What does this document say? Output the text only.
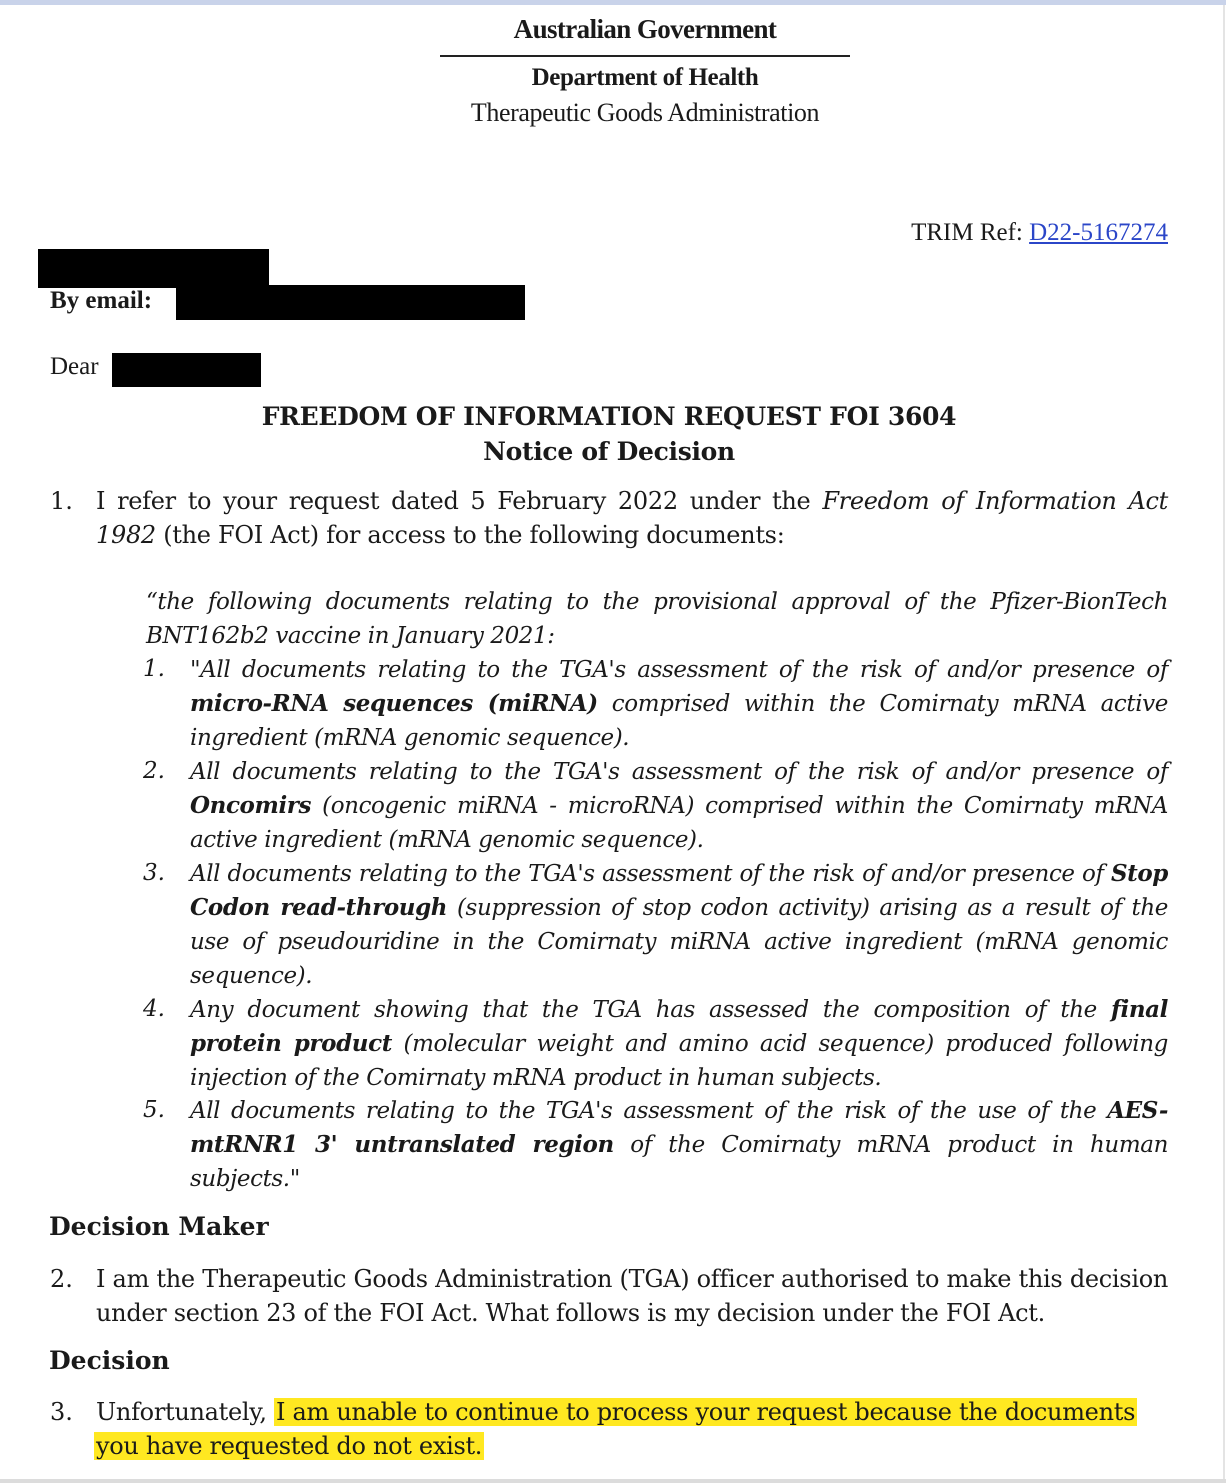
Australian Government
Department of Health
Therapeutic Goods Administration
TRIM Ref: D22-5167274
By email:
Dear
FREEDOM OF INFORMATION REQUEST FOI 3604
Notice of Decision
1. I refer to your request dated 5 February 2022 under the Freedom of Information Act 1982 (the FOI Act) for access to the following documents:
“the following documents relating to the provisional approval of the Pfizer-BionTech BNT162b2 vaccine in January 2021:
1. "All documents relating to the TGA's assessment of the risk of and/or presence of micro-RNA sequences (miRNA) comprised within the Comirnaty mRNA active ingredient (mRNA genomic sequence).
2. All documents relating to the TGA's assessment of the risk of and/or presence of Oncomirs (oncogenic miRNA - microRNA) comprised within the Comirnaty mRNA active ingredient (mRNA genomic sequence).
3. All documents relating to the TGA's assessment of the risk of and/or presence of Stop Codon read-through (suppression of stop codon activity) arising as a result of the use of pseudouridine in the Comirnaty miRNA active ingredient (mRNA genomic sequence).
4. Any document showing that the TGA has assessed the composition of the final protein product (molecular weight and amino acid sequence) produced following injection of the Comirnaty mRNA product in human subjects.
5. All documents relating to the TGA's assessment of the risk of the use of the AES-mtRNR1 3' untranslated region of the Comirnaty mRNA product in human subjects."
Decision Maker
2. I am the Therapeutic Goods Administration (TGA) officer authorised to make this decision under section 23 of the FOI Act. What follows is my decision under the FOI Act.
Decision
3. Unfortunately, I am unable to continue to process your request because the documents
you have requested do not exist.
